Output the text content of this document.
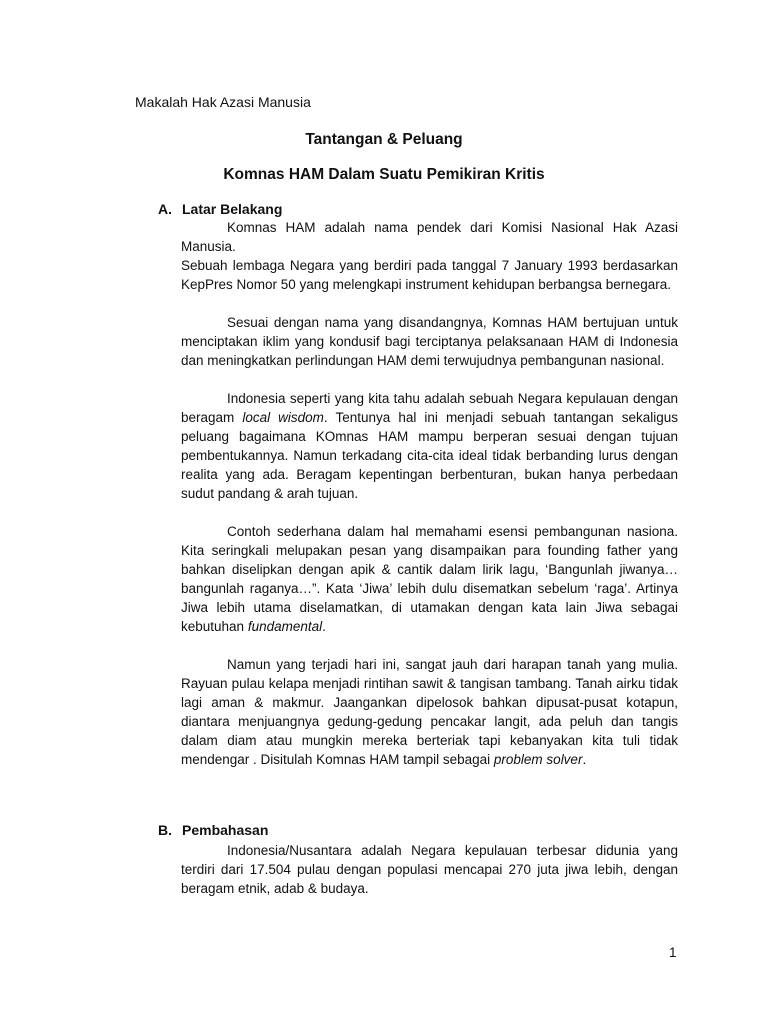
Makalah Hak Azasi Manusia
Tantangan & Peluang
Komnas HAM Dalam Suatu Pemikiran Kritis
A. Latar Belakang

Komnas HAM adalah nama pendek dari Komisi Nasional Hak Azasi Manusia.

Sebuah lembaga Negara yang berdiri pada tanggal 7 January 1993 berdasarkan KepPres Nomor 50 yang melengkapi instrument kehidupan berbangsa bernegara.

Sesuai dengan nama yang disandangnya, Komnas HAM bertujuan untuk menciptakan iklim yang kondusif bagi terciptanya pelaksanaan HAM di Indonesia dan meningkatkan perlindungan HAM demi terwujudnya pembangunan nasional.

Indonesia seperti yang kita tahu adalah sebuah Negara kepulauan dengan beragam local wisdom. Tentunya hal ini menjadi sebuah tantangan sekaligus peluang bagaimana KOmnas HAM mampu berperan sesuai dengan tujuan pembentukannya. Namun terkadang cita-cita ideal tidak berbanding lurus dengan realita yang ada. Beragam kepentingan berbenturan, bukan hanya perbedaan sudut pandang & arah tujuan.

Contoh sederhana dalam hal memahami esensi pembangunan nasiona. Kita seringkali melupakan pesan yang disampaikan para founding father yang bahkan diselipkan dengan apik & cantik dalam lirik lagu, ‘Bangunlah jiwanya… bangunlah raganya…”. Kata ‘Jiwa’ lebih dulu disematkan sebelum ‘raga’. Artinya Jiwa lebih utama diselamatkan, di utamakan dengan kata lain Jiwa sebagai kebutuhan fundamental.

Namun yang terjadi hari ini, sangat jauh dari harapan tanah yang mulia. Rayuan pulau kelapa menjadi rintihan sawit & tangisan tambang. Tanah airku tidak lagi aman & makmur. Jaangankan dipelosok bahkan dipusat-pusat kotapun, diantara menjuangnya gedung-gedung pencakar langit, ada peluh dan tangis dalam diam atau mungkin mereka berteriak tapi kebanyakan kita tuli tidak mendengar . Disitulah Komnas HAM tampil sebagai problem solver.

B. Pembahasan

Indonesia/Nusantara adalah Negara kepulauan terbesar didunia yang terdiri dari 17.504 pulau dengan populasi mencapai 270 juta jiwa lebih, dengan beragam etnik, adab & budaya.

1
